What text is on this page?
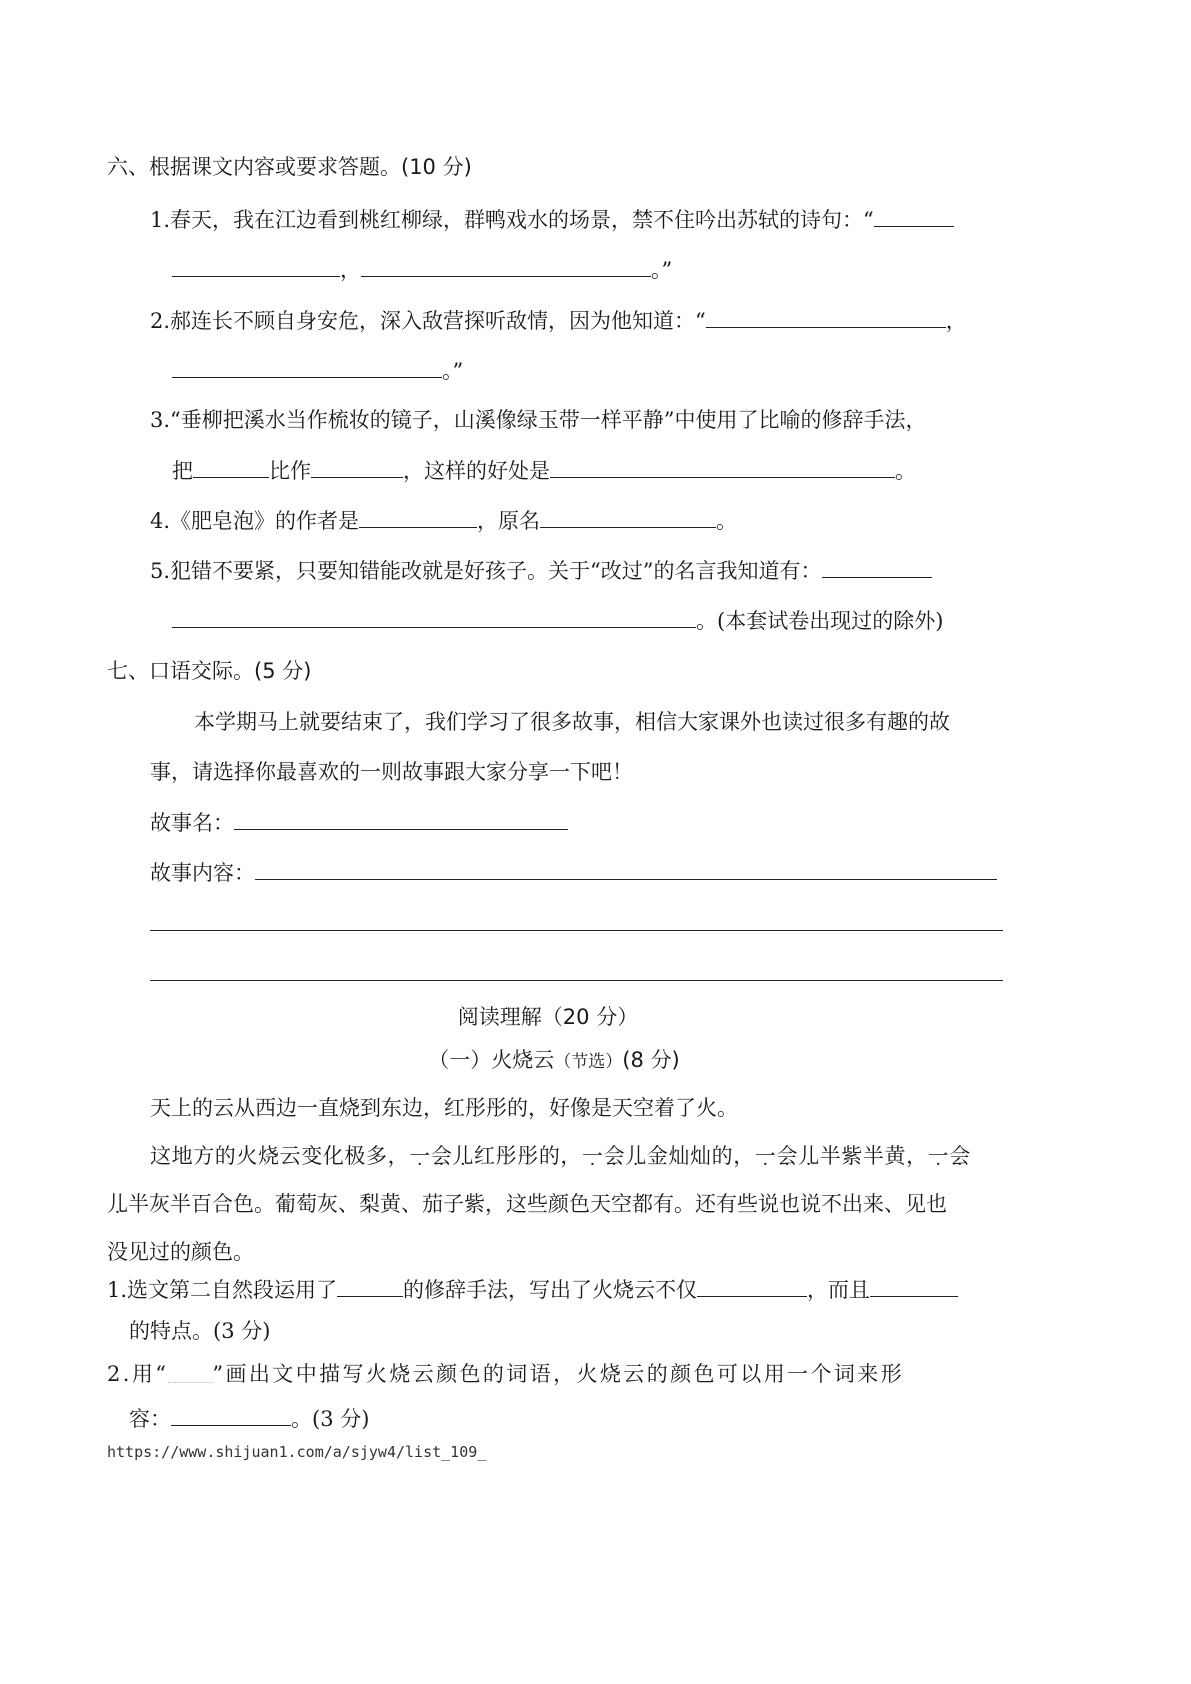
六、根据课文内容或要求答题。(10 分)
1.春天，我在江边看到桃红柳绿，群鸭戏水的场景，禁不住吟出苏轼的诗句：“
，	。”
2.郝连长不顾自身安危，深入敌营探听敌情，因为他知道：“	，
。”
3.“垂柳把溪水当作梳妆的镜子，山溪像绿玉带一样平静”中使用了比喻的修辞手法，
把	比作	，这样的好处是	。
4.《肥皂泡》的作者是	，原名	。
5.犯错不要紧，只要知错能改就是好孩子。关于“改过”的名言我知道有：
。(本套试卷出现过的除外)
七、口语交际。(5 分)
本学期马上就要结束了，我们学习了很多故事，相信大家课外也读过很多有趣的故
事，请选择你最喜欢的一则故事跟大家分享一下吧！
故事名：
故事内容：
阅读理解（20 分）
（一）火烧云（节选）(8 分)
天上的云从西边一直烧到东边，红彤彤的，好像是天空着了火。
这地方的火烧云变化极多，一会儿红彤彤的，一会儿金灿灿的，一会儿半紫半黄，一会
儿半灰半百合色。葡萄灰、梨黄、茄子紫，这些颜色天空都有。还有些说也说不出来、见也
没见过的颜色。
1.选文第二自然段运用了	的修辞手法，写出了火烧云不仅	，而且
的特点。(3 分)
2.用“ ”画出文中描写火烧云颜色的词语，火烧云的颜色可以用一个词来形
容：	。(3 分)
https://www.shijuan1.com/a/sjyw4/list_109_
